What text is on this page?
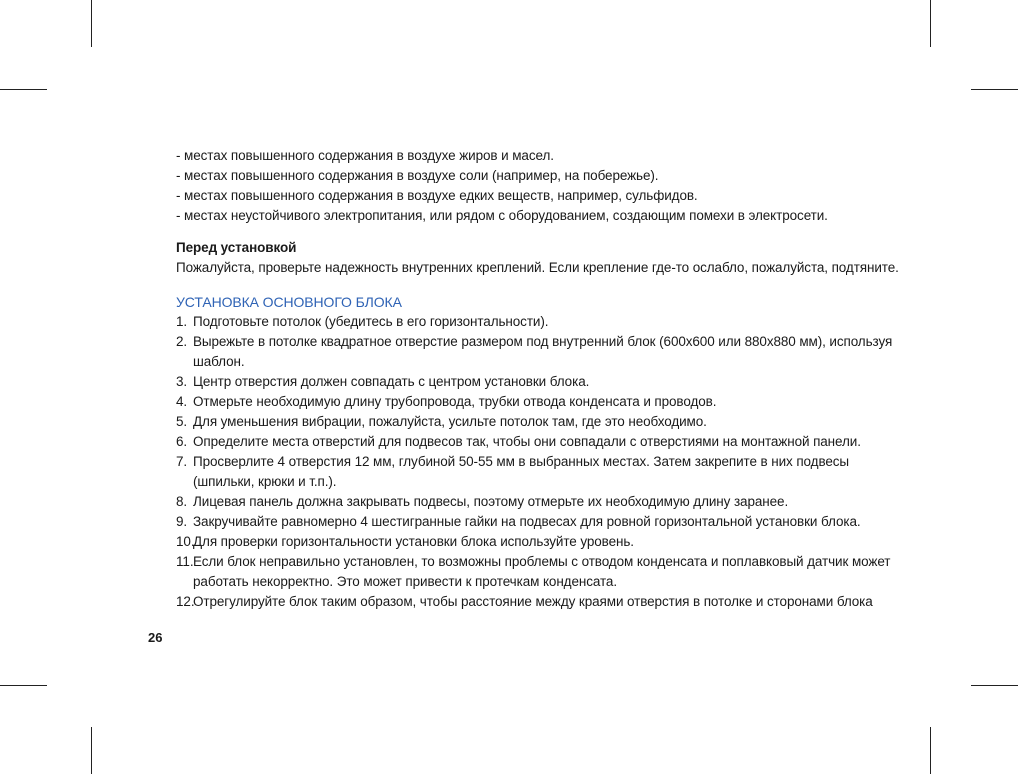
- местах повышенного содержания в воздухе жиров и масел.
- местах повышенного содержания в воздухе соли (например, на побережье).
- местах повышенного содержания в воздухе едких веществ, например, сульфидов.
- местах неустойчивого электропитания, или рядом с оборудованием, создающим помехи в электросети.
Перед установкой
Пожалуйста, проверьте надежность внутренних креплений. Если крепление где-то ослабло, пожалуйста, подтяните.
УСТАНОВКА ОСНОВНОГО БЛОКА
1. Подготовьте потолок (убедитесь в его горизонтальности).
2. Вырежьте в потолке квадратное отверстие размером под внутренний блок (600х600 или 880х880 мм), используя
шаблон.
3. Центр отверстия должен совпадать с центром установки блока.
4. Отмерьте необходимую длину трубопровода, трубки отвода конденсата и проводов.
5. Для уменьшения вибрации, пожалуйста, усильте потолок там, где это необходимо.
6. Определите места отверстий для подвесов так, чтобы они совпадали с отверстиями на монтажной панели.
7. Просверлите 4 отверстия 12 мм, глубиной 50-55 мм в выбранных местах. Затем закрепите в них подвесы
(шпильки, крюки и т.п.).
8. Лицевая панель должна закрывать подвесы, поэтому отмерьте их необходимую длину заранее.
9. Закручивайте равномерно 4 шестигранные гайки на подвесах для ровной горизонтальной установки блока.
10.
Для проверки горизонтальности установки блока используйте уровень.
11. Если блок неправильно установлен, то возможны проблемы с отводом конденсата и поплавковый датчик может
работать некорректно. Это может привести к протечкам конденсата.
12.
Отрегулируйте блок таким образом, чтобы расстояние между краями отверстия в потолке и сторонами блока
26
